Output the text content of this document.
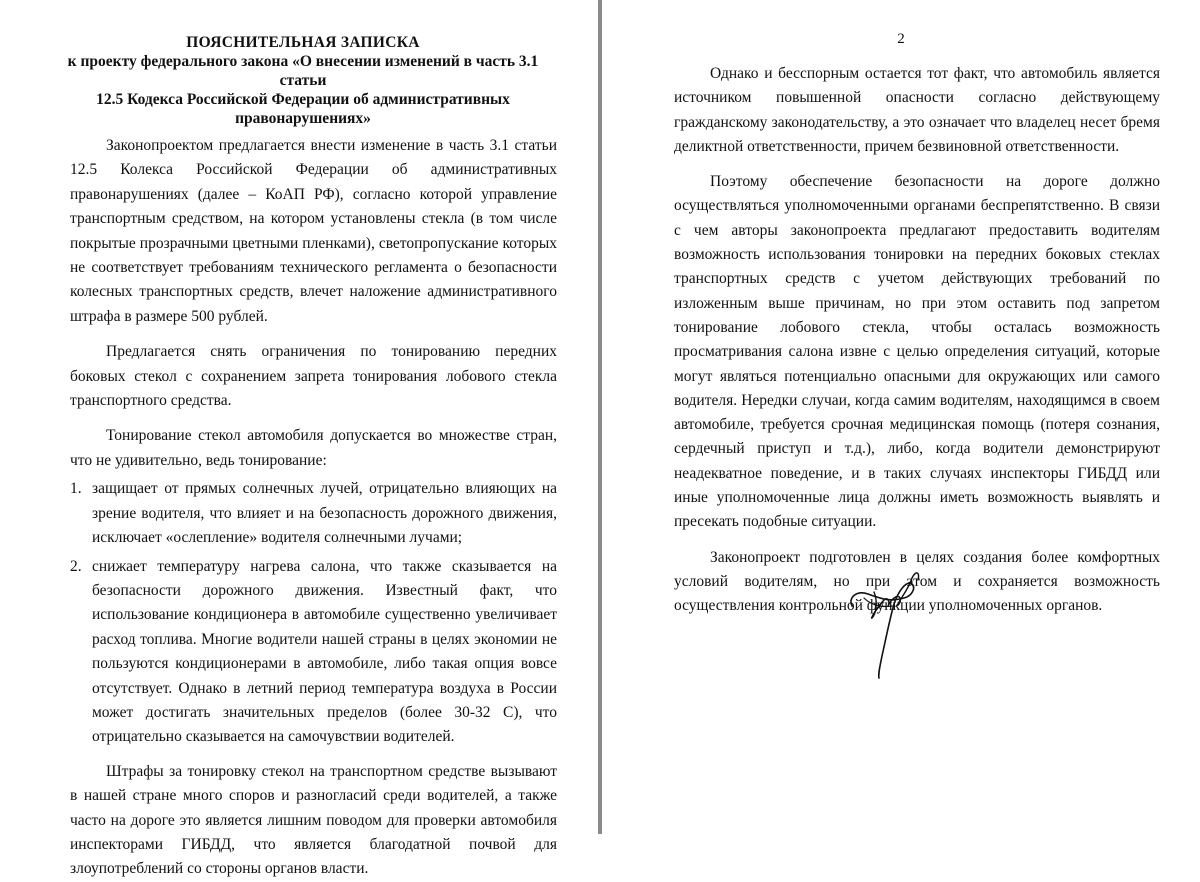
ПОЯСНИТЕЛЬНАЯ ЗАПИСКА
к проекту федерального закона «О внесении изменений в часть 3.1 статьи
12.5 Кодекса Российской Федерации об административных
правонарушениях»

Законопроектом предлагается внести изменение в часть 3.1 статьи 12.5 Колекса Российской Федерации об административных правонарушениях (далее – КоАП РФ), согласно которой управление транспортным средством, на котором установлены стекла (в том числе покрытые прозрачными цветными пленками), светопропускание которых не соответствует требованиям технического регламента о безопасности колесных транспортных средств, влечет наложение административного штрафа в размере 500 рублей.

Предлагается снять ограничения по тонированию передних боковых стекол с сохранением запрета тонирования лобового стекла транспортного средства.

Тонирование стекол автомобиля допускается во множестве стран, что не удивительно, ведь тонирование:

1. защищает от прямых солнечных лучей, отрицательно влияющих на зрение водителя, что влияет и на безопасность дорожного движения, исключает «ослепление» водителя солнечными лучами;
2. снижает температуру нагрева салона, что также сказывается на безопасности дорожного движения. Известный факт, что использование кондиционера в автомобиле существенно увеличивает расход топлива. Многие водители нашей страны в целях экономии не пользуются кондиционерами в автомобиле, либо такая опция вовсе отсутствует. Однако в летний период температура воздуха в России может достигать значительных пределов (более 30-32 С), что отрицательно сказывается на самочувствии водителей.

Штрафы за тонировку стекол на транспортном средстве вызывают в нашей стране много споров и разногласий среди водителей, а также часто на дороге это является лишним поводом для проверки автомобиля инспекторами ГИБДД, что является благодатной почвой для злоупотреблений со стороны органов власти.

2

Однако и бесспорным остается тот факт, что автомобиль является источником повышенной опасности согласно действующему гражданскому законодательству, а это означает что владелец несет бремя деликтной ответственности, причем безвиновной ответственности.

Поэтому обеспечение безопасности на дороге должно осуществляться уполномоченными органами беспрепятственно. В связи с чем авторы законопроекта предлагают предоставить водителям возможность использования тонировки на передних боковых стеклах транспортных средств с учетом действующих требований по изложенным выше причинам, но при этом оставить под запретом тонирование лобового стекла, чтобы осталась возможность просматривания салона извне с целью определения ситуаций, которые могут являться потенциально опасными для окружающих или самого водителя. Нередки случаи, когда самим водителям, находящимся в своем автомобиле, требуется срочная медицинская помощь (потеря сознания, сердечный приступ и т.д.), либо, когда водители демонстрируют неадекватное поведение, и в таких случаях инспекторы ГИБДД или иные уполномоченные лица должны иметь возможность выявлять и пресекать подобные ситуации.

Законопроект подготовлен в целях создания более комфортных условий водителям, но при этом и сохраняется возможность осуществления контрольной функции уполномоченных органов.
